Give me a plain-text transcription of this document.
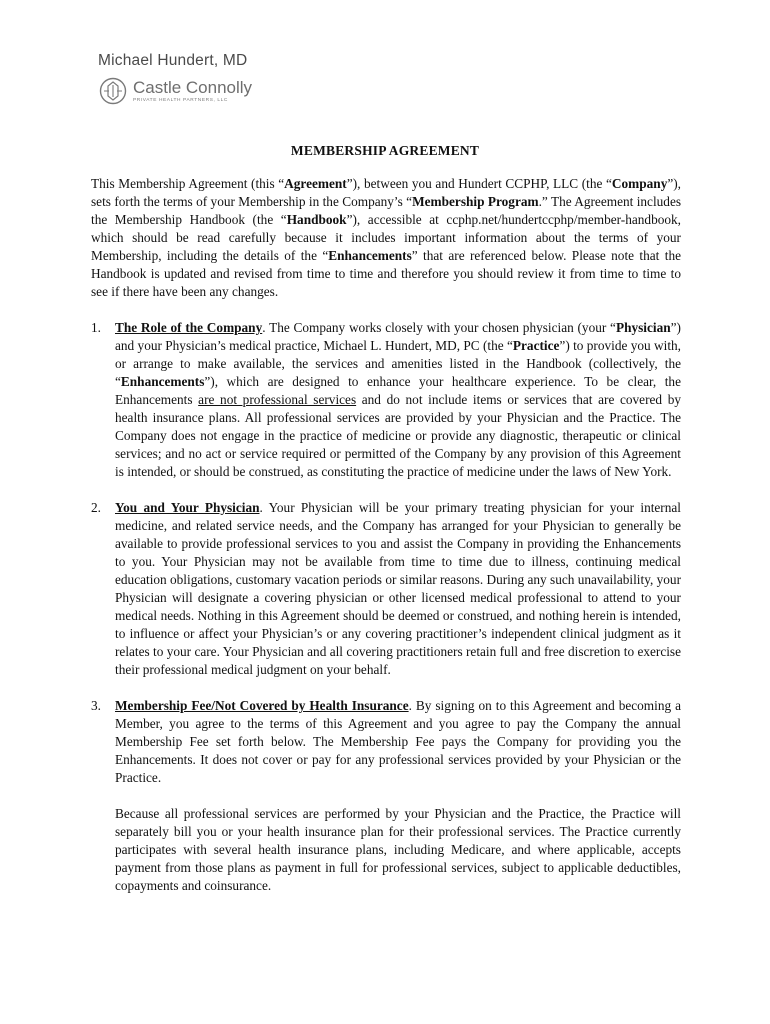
Michael Hundert, MD
Castle Connolly
PRIVATE HEALTH PARTNERS, LLC
MEMBERSHIP AGREEMENT

This Membership Agreement (this “Agreement”), between you and Hundert CCPHP, LLC (the “Company”), sets forth the terms of your Membership in the Company’s “Membership Program.” The Agreement includes the Membership Handbook (the “Handbook”), accessible at ccphp.net/hundertccphp/member-handbook, which should be read carefully because it includes important information about the terms of your Membership, including the details of the “Enhancements” that are referenced below. Please note that the Handbook is updated and revised from time to time and therefore you should review it from time to time to see if there have been any changes.

1.	The Role of the Company. The Company works closely with your chosen physician (your “Physician”) and your Physician’s medical practice, Michael L. Hundert, MD, PC (the “Practice”) to provide you with, or arrange to make available, the services and amenities listed in the Handbook (collectively, the “Enhancements”), which are designed to enhance your healthcare experience. To be clear, the Enhancements are not professional services and do not include items or services that are covered by health insurance plans. All professional services are provided by your Physician and the Practice. The Company does not engage in the practice of medicine or provide any diagnostic, therapeutic or clinical services; and no act or service required or permitted of the Company by any provision of this Agreement is intended, or should be construed, as constituting the practice of medicine under the laws of New York.

2.	You and Your Physician. Your Physician will be your primary treating physician for your internal medicine, and related service needs, and the Company has arranged for your Physician to generally be available to provide professional services to you and assist the Company in providing the Enhancements to you. Your Physician may not be available from time to time due to illness, continuing medical education obligations, customary vacation periods or similar reasons. During any such unavailability, your Physician will designate a covering physician or other licensed medical professional to attend to your medical needs. Nothing in this Agreement should be deemed or construed, and nothing herein is intended, to influence or affect your Physician’s or any covering practitioner’s independent clinical judgment as it relates to your care. Your Physician and all covering practitioners retain full and free discretion to exercise their professional medical judgment on your behalf.

3.	Membership Fee/Not Covered by Health Insurance. By signing on to this Agreement and becoming a Member, you agree to the terms of this Agreement and you agree to pay the Company the annual Membership Fee set forth below. The Membership Fee pays the Company for providing you the Enhancements. It does not cover or pay for any professional services provided by your Physician or the Practice.

Because all professional services are performed by your Physician and the Practice, the Practice will separately bill you or your health insurance plan for their professional services. The Practice currently participates with several health insurance plans, including Medicare, and where applicable, accepts payment from those plans as payment in full for professional services, subject to applicable deductibles, copayments and coinsurance.
